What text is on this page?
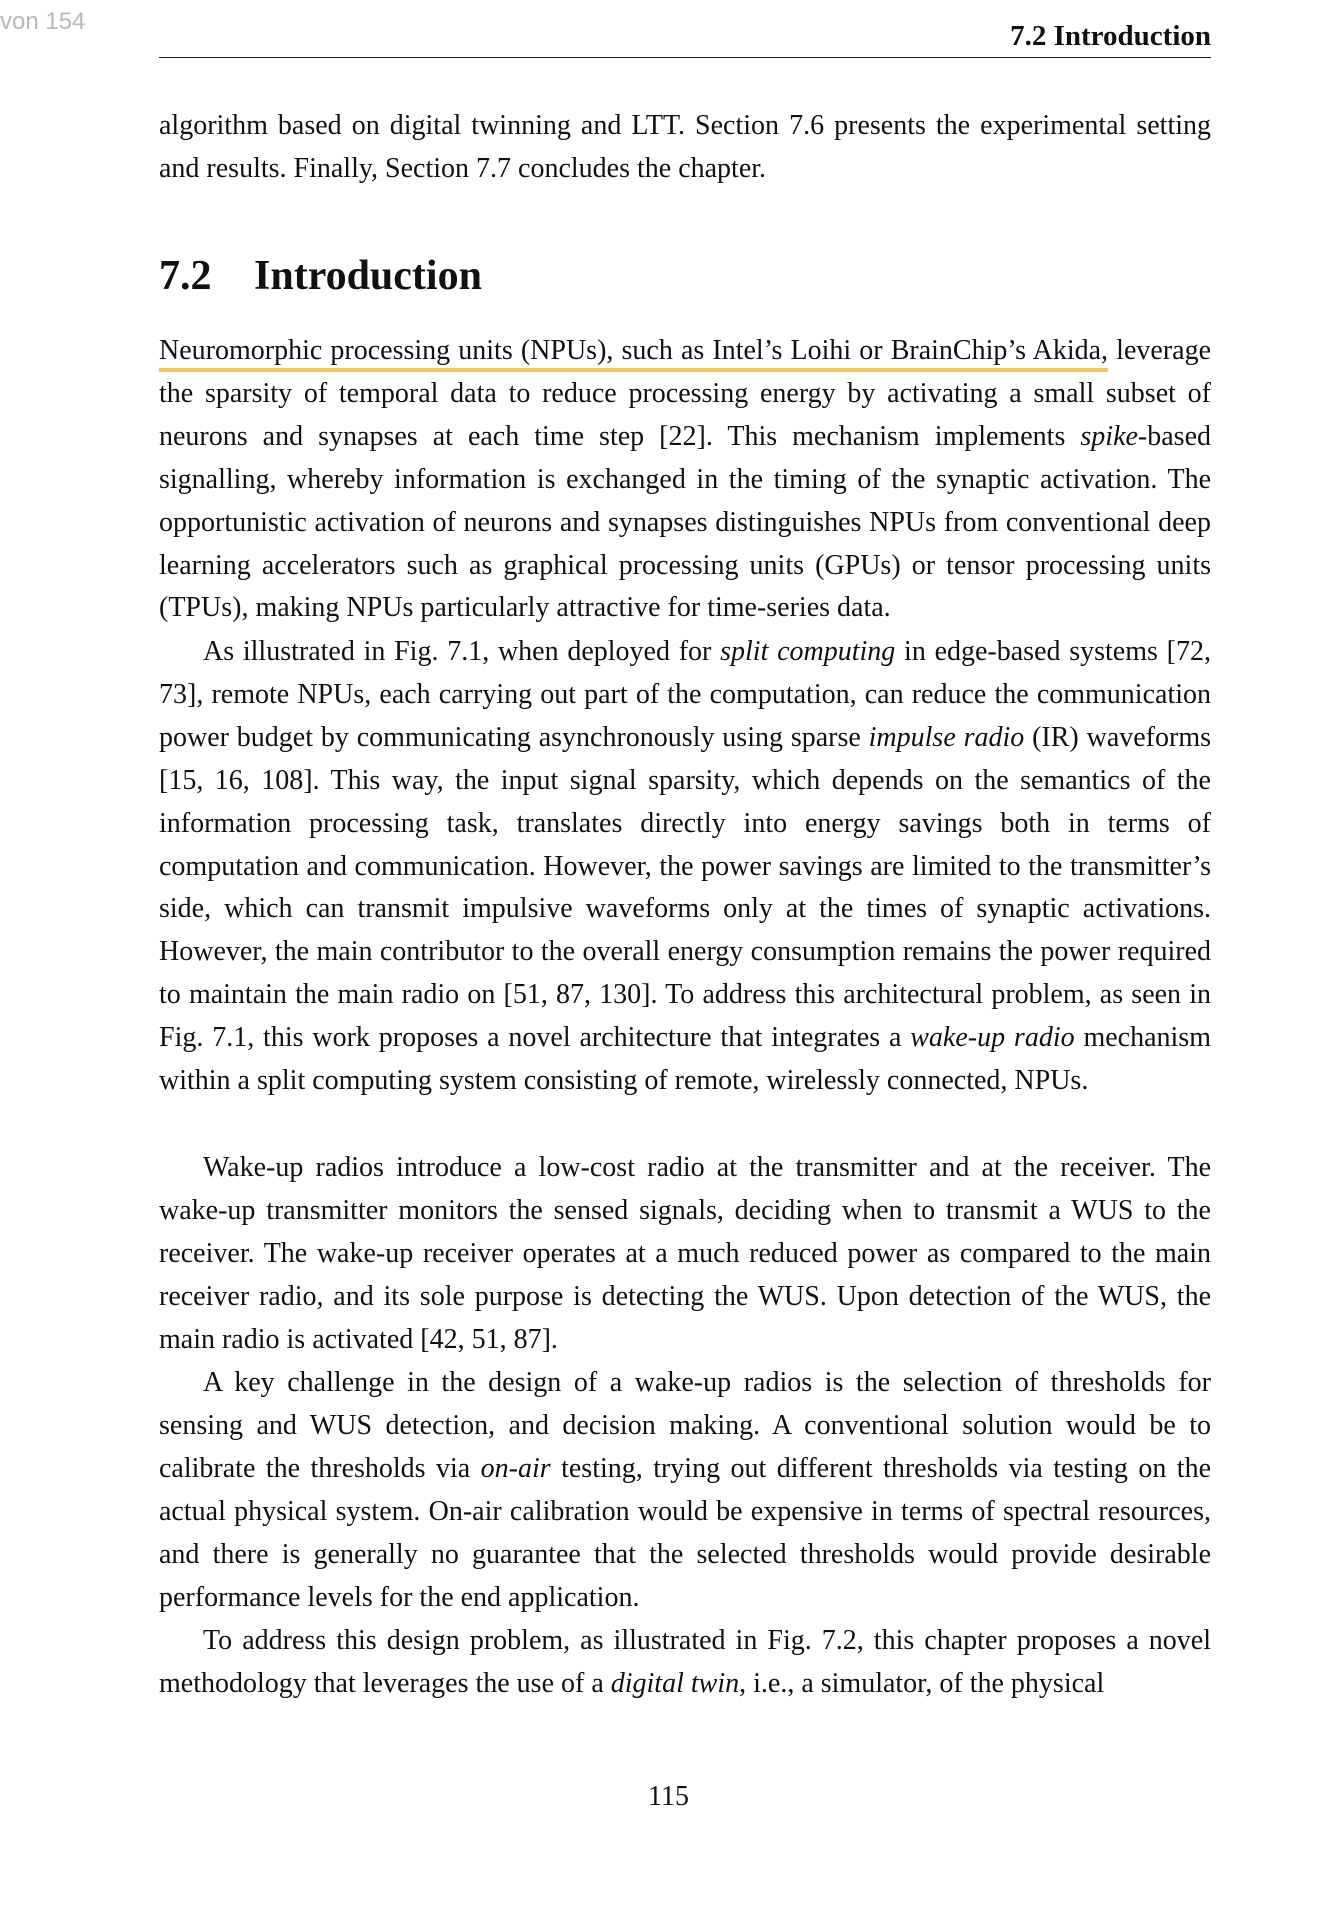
von 154	7.2 Introduction

algorithm based on digital twinning and LTT. Section 7.6 presents the experimental setting and results. Finally, Section 7.7 concludes the chapter.

7.2 Introduction

Neuromorphic processing units (NPUs), such as Intel’s Loihi or BrainChip’s Akida, leverage the sparsity of temporal data to reduce processing energy by activating a small subset of neurons and synapses at each time step [22]. This mechanism implements spike-based signalling, whereby information is exchanged in the timing of the synaptic activation. The opportunistic activation of neurons and synapses distinguishes NPUs from conventional deep learning accelerators such as graphical processing units (GPUs) or tensor processing units (TPUs), making NPUs particularly attractive for time-series data.

As illustrated in Fig. 7.1, when deployed for split computing in edge-based systems [72, 73], remote NPUs, each carrying out part of the computation, can reduce the communication power budget by communicating asynchronously using sparse impulse radio (IR) waveforms [15, 16, 108]. This way, the input signal sparsity, which depends on the semantics of the information processing task, translates directly into energy savings both in terms of computation and communication. However, the power savings are limited to the transmitter’s side, which can transmit impulsive waveforms only at the times of synaptic activations. However, the main contributor to the overall energy consumption remains the power required to maintain the main radio on [51, 87, 130]. To address this architectural problem, as seen in Fig. 7.1, this work proposes a novel architecture that integrates a wake-up radio mechanism within a split computing system consisting of remote, wirelessly connected, NPUs.

Wake-up radios introduce a low-cost radio at the transmitter and at the receiver. The wake-up transmitter monitors the sensed signals, deciding when to transmit a WUS to the receiver. The wake-up receiver operates at a much reduced power as compared to the main receiver radio, and its sole purpose is detecting the WUS. Upon detection of the WUS, the main radio is activated [42, 51, 87].

A key challenge in the design of a wake-up radios is the selection of thresholds for sensing and WUS detection, and decision making. A conventional solution would be to calibrate the thresholds via on-air testing, trying out different thresholds via testing on the actual physical system. On-air calibration would be expensive in terms of spectral resources, and there is generally no guarantee that the selected thresholds would provide desirable performance levels for the end application.

To address this design problem, as illustrated in Fig. 7.2, this chapter proposes a novel methodology that leverages the use of a digital twin, i.e., a simulator, of the physical

115
